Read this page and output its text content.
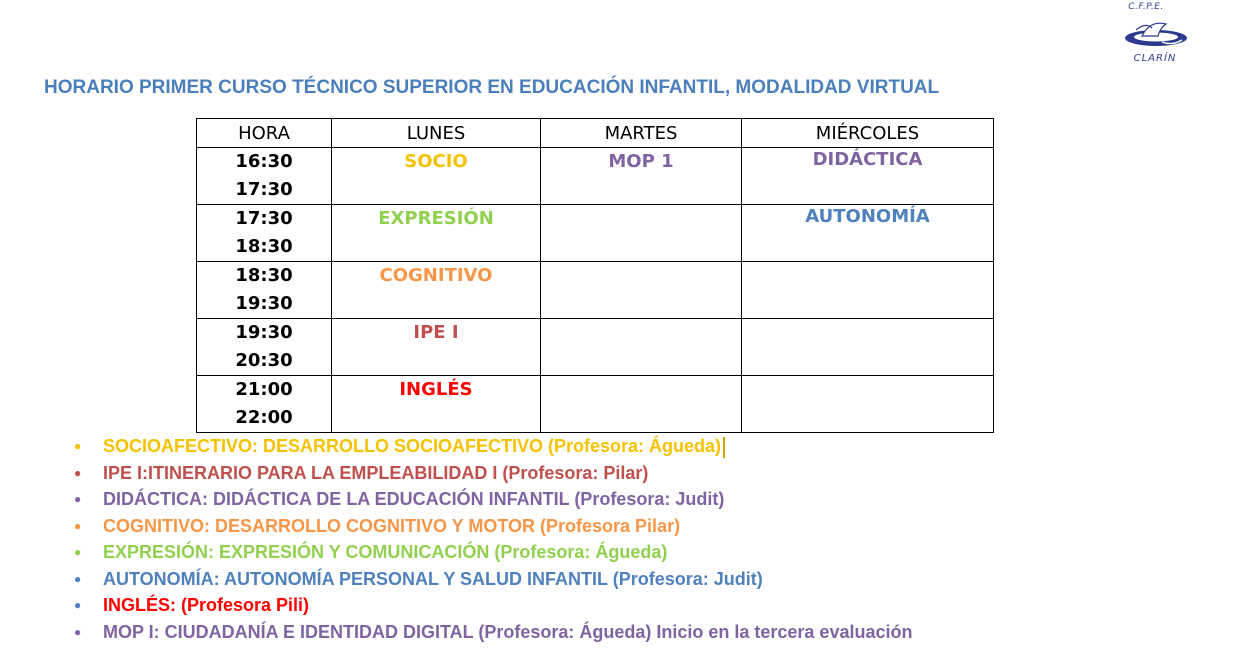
C.F.P.E.
CLARÍN
HORARIO PRIMER CURSO TÉCNICO SUPERIOR EN EDUCACIÓN INFANTIL, MODALIDAD VIRTUAL
HORA	LUNES	MARTES	MIÉRCOLES

16:30
17:30	SOCIO	MOP 1	DIDÁCTICA

17:30
18:30	EXPRESIÓN		AUTONOMÍA

18:30
19:30	COGNITIVO		

19:30
20:30	IPE I		

21:00
22:00	INGLÉS		

● SOCIOAFECTIVO: DESARROLLO SOCIOAFECTIVO (Profesora: Águeda)
● IPE I:ITINERARIO PARA LA EMPLEABILIDAD I (Profesora: Pilar)
● DIDÁCTICA: DIDÁCTICA DE LA EDUCACIÓN INFANTIL (Profesora: Judit)
● COGNITIVO: DESARROLLO COGNITIVO Y MOTOR (Profesora Pilar)
● EXPRESIÓN: EXPRESIÓN Y COMUNICACIÓN (Profesora: Águeda)
● AUTONOMÍA: AUTONOMÍA PERSONAL Y SALUD INFANTIL (Profesora: Judit)
● INGLÉS: (Profesora Pili)
● MOP I: CIUDADANÍA E IDENTIDAD DIGITAL (Profesora: Águeda) Inicio en la tercera evaluación
